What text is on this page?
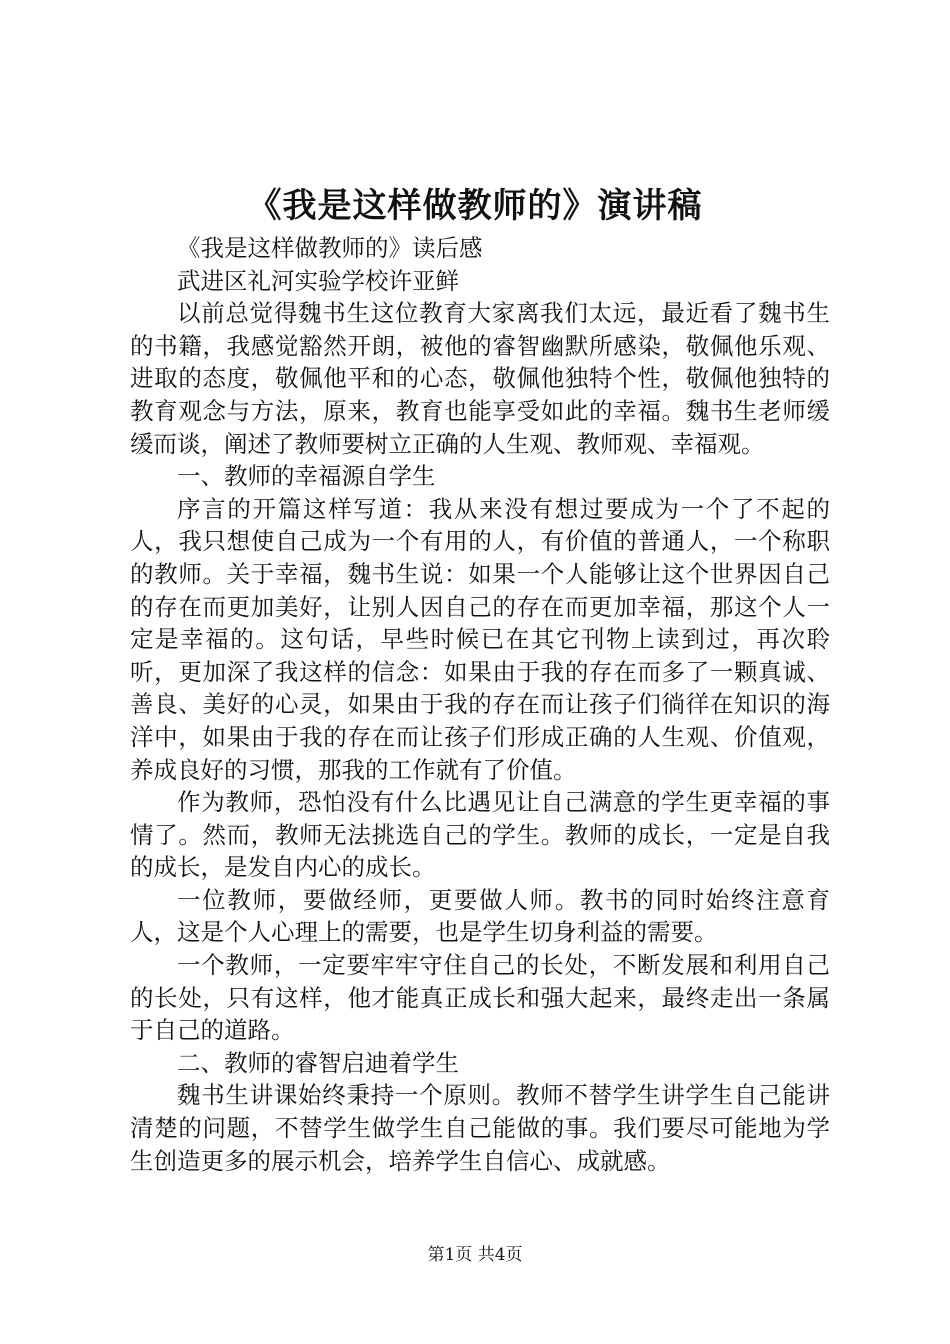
《我是这样做教师的》演讲稿

《我是这样做教师的》读后感

武进区礼河实验学校许亚鲜

以前总觉得魏书生这位教育大家离我们太远，最近看了魏书生的书籍，我感觉豁然开朗，被他的睿智幽默所感染，敬佩他乐观、进取的态度，敬佩他平和的心态，敬佩他独特个性，敬佩他独特的教育观念与方法，原来，教育也能享受如此的幸福。魏书生老师缓缓而谈，阐述了教师要树立正确的人生观、教师观、幸福观。

一、教师的幸福源自学生

序言的开篇这样写道：我从来没有想过要成为一个了不起的人，我只想使自己成为一个有用的人，有价值的普通人，一个称职的教师。关于幸福，魏书生说：如果一个人能够让这个世界因自己的存在而更加美好，让别人因自己的存在而更加幸福，那这个人一定是幸福的。这句话，早些时候已在其它刊物上读到过，再次聆听，更加深了我这样的信念：如果由于我的存在而多了一颗真诚、善良、美好的心灵，如果由于我的存在而让孩子们徜徉在知识的海洋中，如果由于我的存在而让孩子们形成正确的人生观、价值观，养成良好的习惯，那我的工作就有了价值。

作为教师，恐怕没有什么比遇见让自己满意的学生更幸福的事情了。然而，教师无法挑选自己的学生。教师的成长，一定是自我的成长，是发自内心的成长。

一位教师，要做经师，更要做人师。教书的同时始终注意育人，这是个人心理上的需要，也是学生切身利益的需要。

一个教师，一定要牢牢守住自己的长处，不断发展和利用自己的长处，只有这样，他才能真正成长和强大起来，最终走出一条属于自己的道路。

二、教师的睿智启迪着学生

魏书生讲课始终秉持一个原则。教师不替学生讲学生自己能讲清楚的问题，不替学生做学生自己能做的事。我们要尽可能地为学生创造更多的展示机会，培养学生自信心、成就感。

第1页 共4页
